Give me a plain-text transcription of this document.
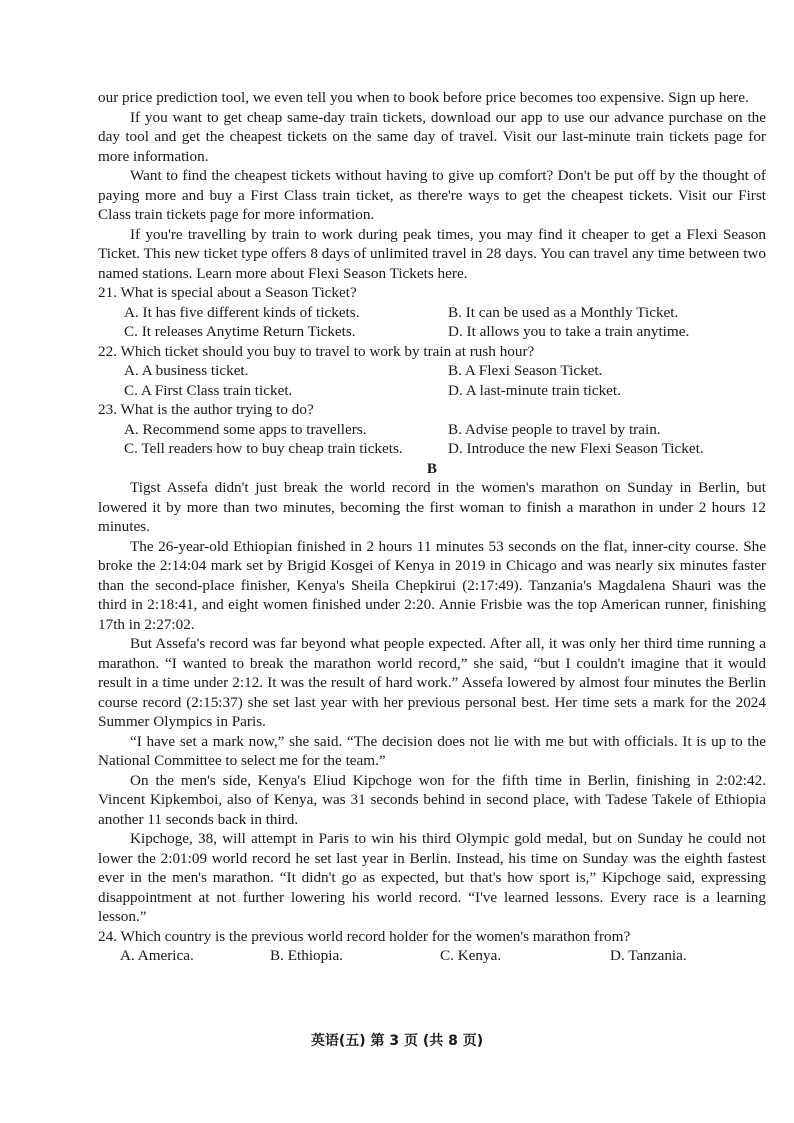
our price prediction tool, we even tell you when to book before price becomes too expensive. Sign up here.

If you want to get cheap same-day train tickets, download our app to use our advance purchase on the day tool and get the cheapest tickets on the same day of travel. Visit our last-minute train tickets page for more information.

Want to find the cheapest tickets without having to give up comfort? Don't be put off by the thought of paying more and buy a First Class train ticket, as there're ways to get the cheapest tickets. Visit our First Class train tickets page for more information.

If you're travelling by train to work during peak times, you may find it cheaper to get a Flexi Season Ticket. This new ticket type offers 8 days of unlimited travel in 28 days. You can travel any time between two named stations. Learn more about Flexi Season Tickets here.

21. What is special about a Season Ticket?

A. It has five different kinds of tickets.	B. It can be used as a Monthly Ticket.
C. It releases Anytime Return Tickets.	D. It allows you to take a train anytime.

22. Which ticket should you buy to travel to work by train at rush hour?

A. A business ticket.	B. A Flexi Season Ticket.
C. A First Class train ticket.	D. A last-minute train ticket.

23. What is the author trying to do?

A. Recommend some apps to travellers.	B. Advise people to travel by train.
C. Tell readers how to buy cheap train tickets.	D. Introduce the new Flexi Season Ticket.

B

Tigst Assefa didn't just break the world record in the women's marathon on Sunday in Berlin, but lowered it by more than two minutes, becoming the first woman to finish a marathon in under 2 hours 12 minutes.

The 26-year-old Ethiopian finished in 2 hours 11 minutes 53 seconds on the flat, inner-city course. She broke the 2:14:04 mark set by Brigid Kosgei of Kenya in 2019 in Chicago and was nearly six minutes faster than the second-place finisher, Kenya's Sheila Chepkirui (2:17:49). Tanzania's Magdalena Shauri was the third in 2:18:41, and eight women finished under 2:20. Annie Frisbie was the top American runner, finishing 17th in 2:27:02.

But Assefa's record was far beyond what people expected. After all, it was only her third time running a marathon. “I wanted to break the marathon world record,” she said, “but I couldn't imagine that it would result in a time under 2:12. It was the result of hard work.” Assefa lowered by almost four minutes the Berlin course record (2:15:37) she set last year with her previous personal best. Her time sets a mark for the 2024 Summer Olympics in Paris.

“I have set a mark now,” she said. “The decision does not lie with me but with officials. It is up to the National Committee to select me for the team.”

On the men's side, Kenya's Eliud Kipchoge won for the fifth time in Berlin, finishing in 2:02:42. Vincent Kipkemboi, also of Kenya, was 31 seconds behind in second place, with Tadese Takele of Ethiopia another 11 seconds back in third.

Kipchoge, 38, will attempt in Paris to win his third Olympic gold medal, but on Sunday he could not lower the 2:01:09 world record he set last year in Berlin. Instead, his time on Sunday was the eighth fastest ever in the men's marathon. “It didn't go as expected, but that's how sport is,” Kipchoge said, expressing disappointment at not further lowering his world record. “I've learned lessons. Every race is a learning lesson.”

24. Which country is the previous world record holder for the women's marathon from?

A. America.	B. Ethiopia.	C. Kenya.	D. Tanzania.
英语(五) 第 3 页 (共 8 页)
